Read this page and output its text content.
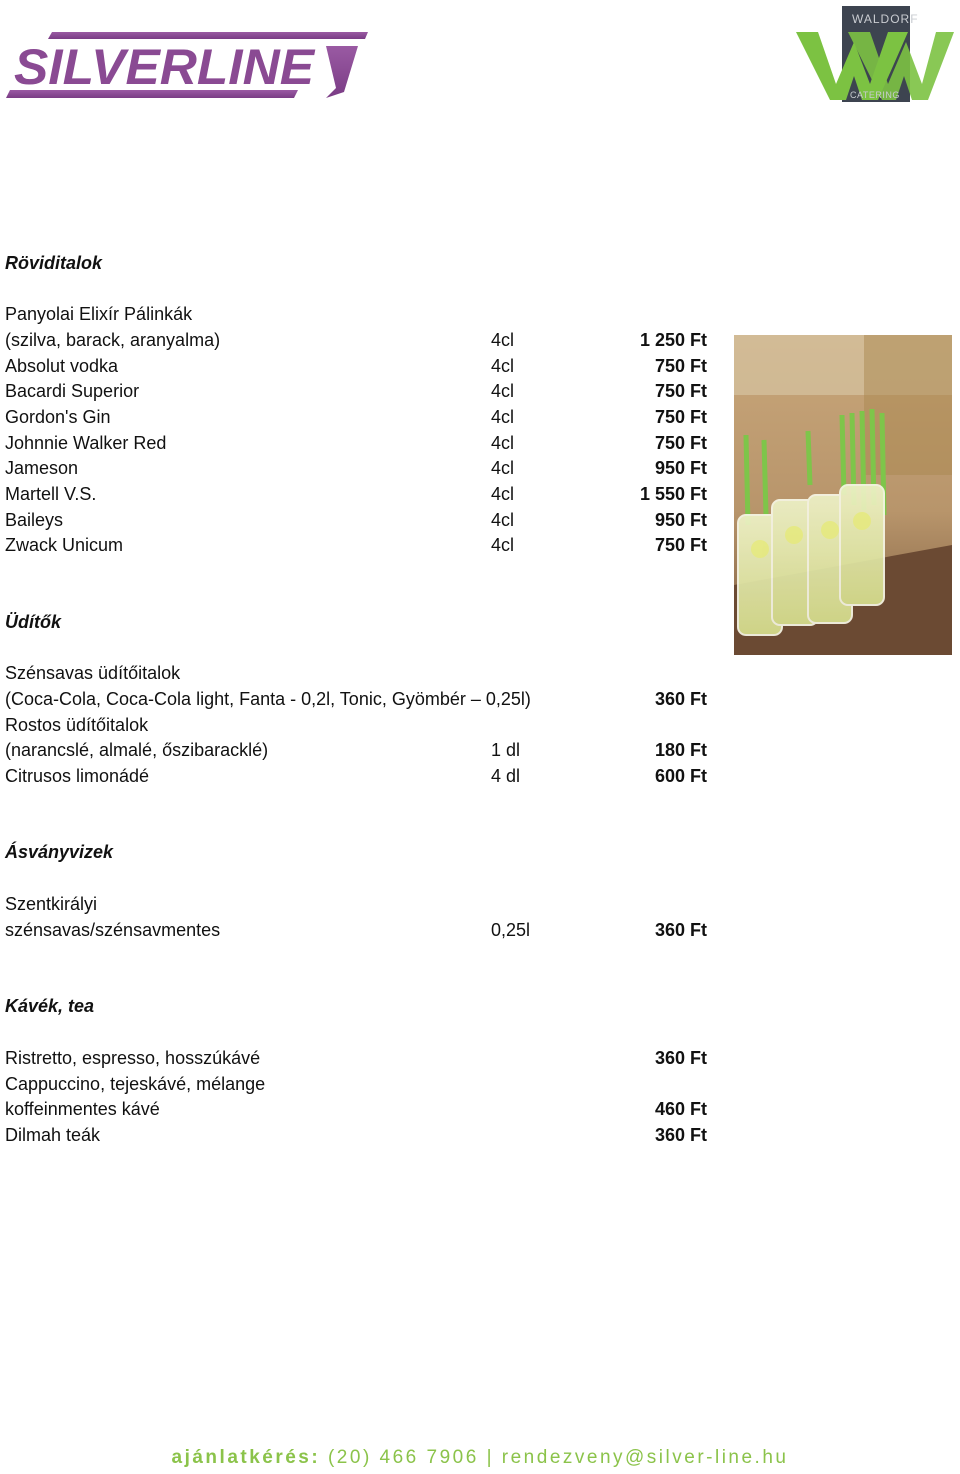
SILVERLINE
WALDORF
CATERING
Röviditalok
Panyolai Elixír Pálinkák
(szilva, barack, aranyalma)	4cl	1 250 Ft
Absolut vodka	4cl	750 Ft
Bacardi Superior	4cl	750 Ft
Gordon's Gin	4cl	750 Ft
Johnnie Walker Red	4cl	750 Ft
Jameson	4cl	950 Ft
Martell V.S.	4cl	1 550 Ft
Baileys	4cl	950 Ft
Zwack Unicum	4cl	750 Ft
Üdítők
Szénsavas üdítőitalok
(Coca-Cola, Coca-Cola light, Fanta - 0,2l, Tonic, Gyömbér – 0,25l)	360 Ft
Rostos üdítőitalok
(narancslé, almalé, őszibaracklé)	1 dl	180 Ft
Citrusos limonádé	4 dl	600 Ft
Ásványvizek
Szentkirályi
szénsavas/szénsavmentes	0,25l	360 Ft
Kávék, tea
Ristretto, espresso, hosszúkávé	360 Ft
Cappuccino, tejeskávé, mélange
koffeinmentes kávé	460 Ft
Dilmah teák	360 Ft
ajánlatkérés: (20) 466 7906 | rendezveny@silver-line.hu
